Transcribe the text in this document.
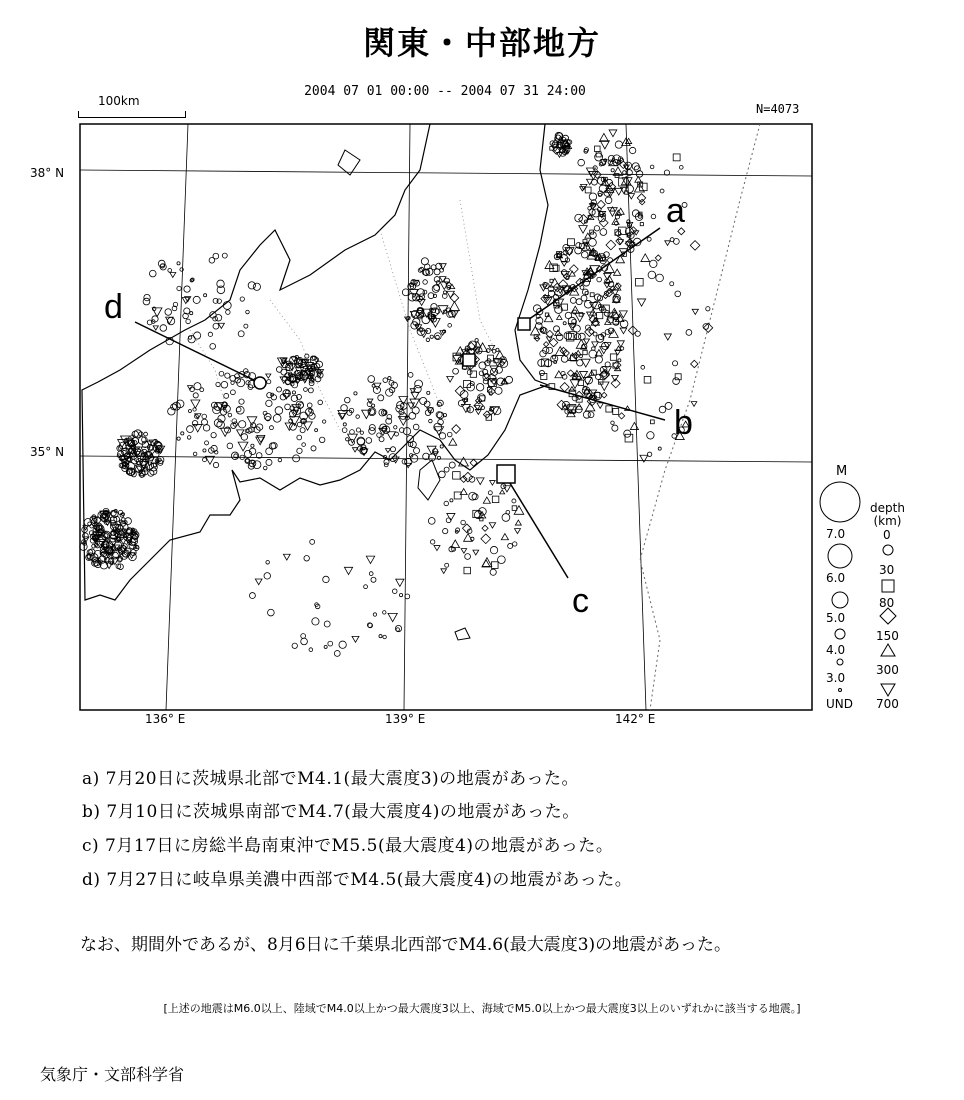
関東・中部地方
2004 07 01 00:00 -- 2004 07 31 24:00
N=4073
100km
38° N
35° N
136° E	139° E	142° E
a
b
c
d
M
depth
(km)
7.0
6.0
5.0
4.0
3.0
UND
0
30
80
150
300
700
a) 7月20日に茨城県北部でM4.1(最大震度3)の地震があった。
b) 7月10日に茨城県南部でM4.7(最大震度4)の地震があった。
c) 7月17日に房総半島南東沖でM5.5(最大震度4)の地震があった。
d) 7月27日に岐阜県美濃中西部でM4.5(最大震度4)の地震があった。
なお、期間外であるが、8月6日に千葉県北西部でM4.6(最大震度3)の地震があった。
[上述の地震はM6.0以上、陸域でM4.0以上かつ最大震度3以上、海域でM5.0以上かつ最大震度3以上のいずれかに該当する地震。]
気象庁・文部科学省
